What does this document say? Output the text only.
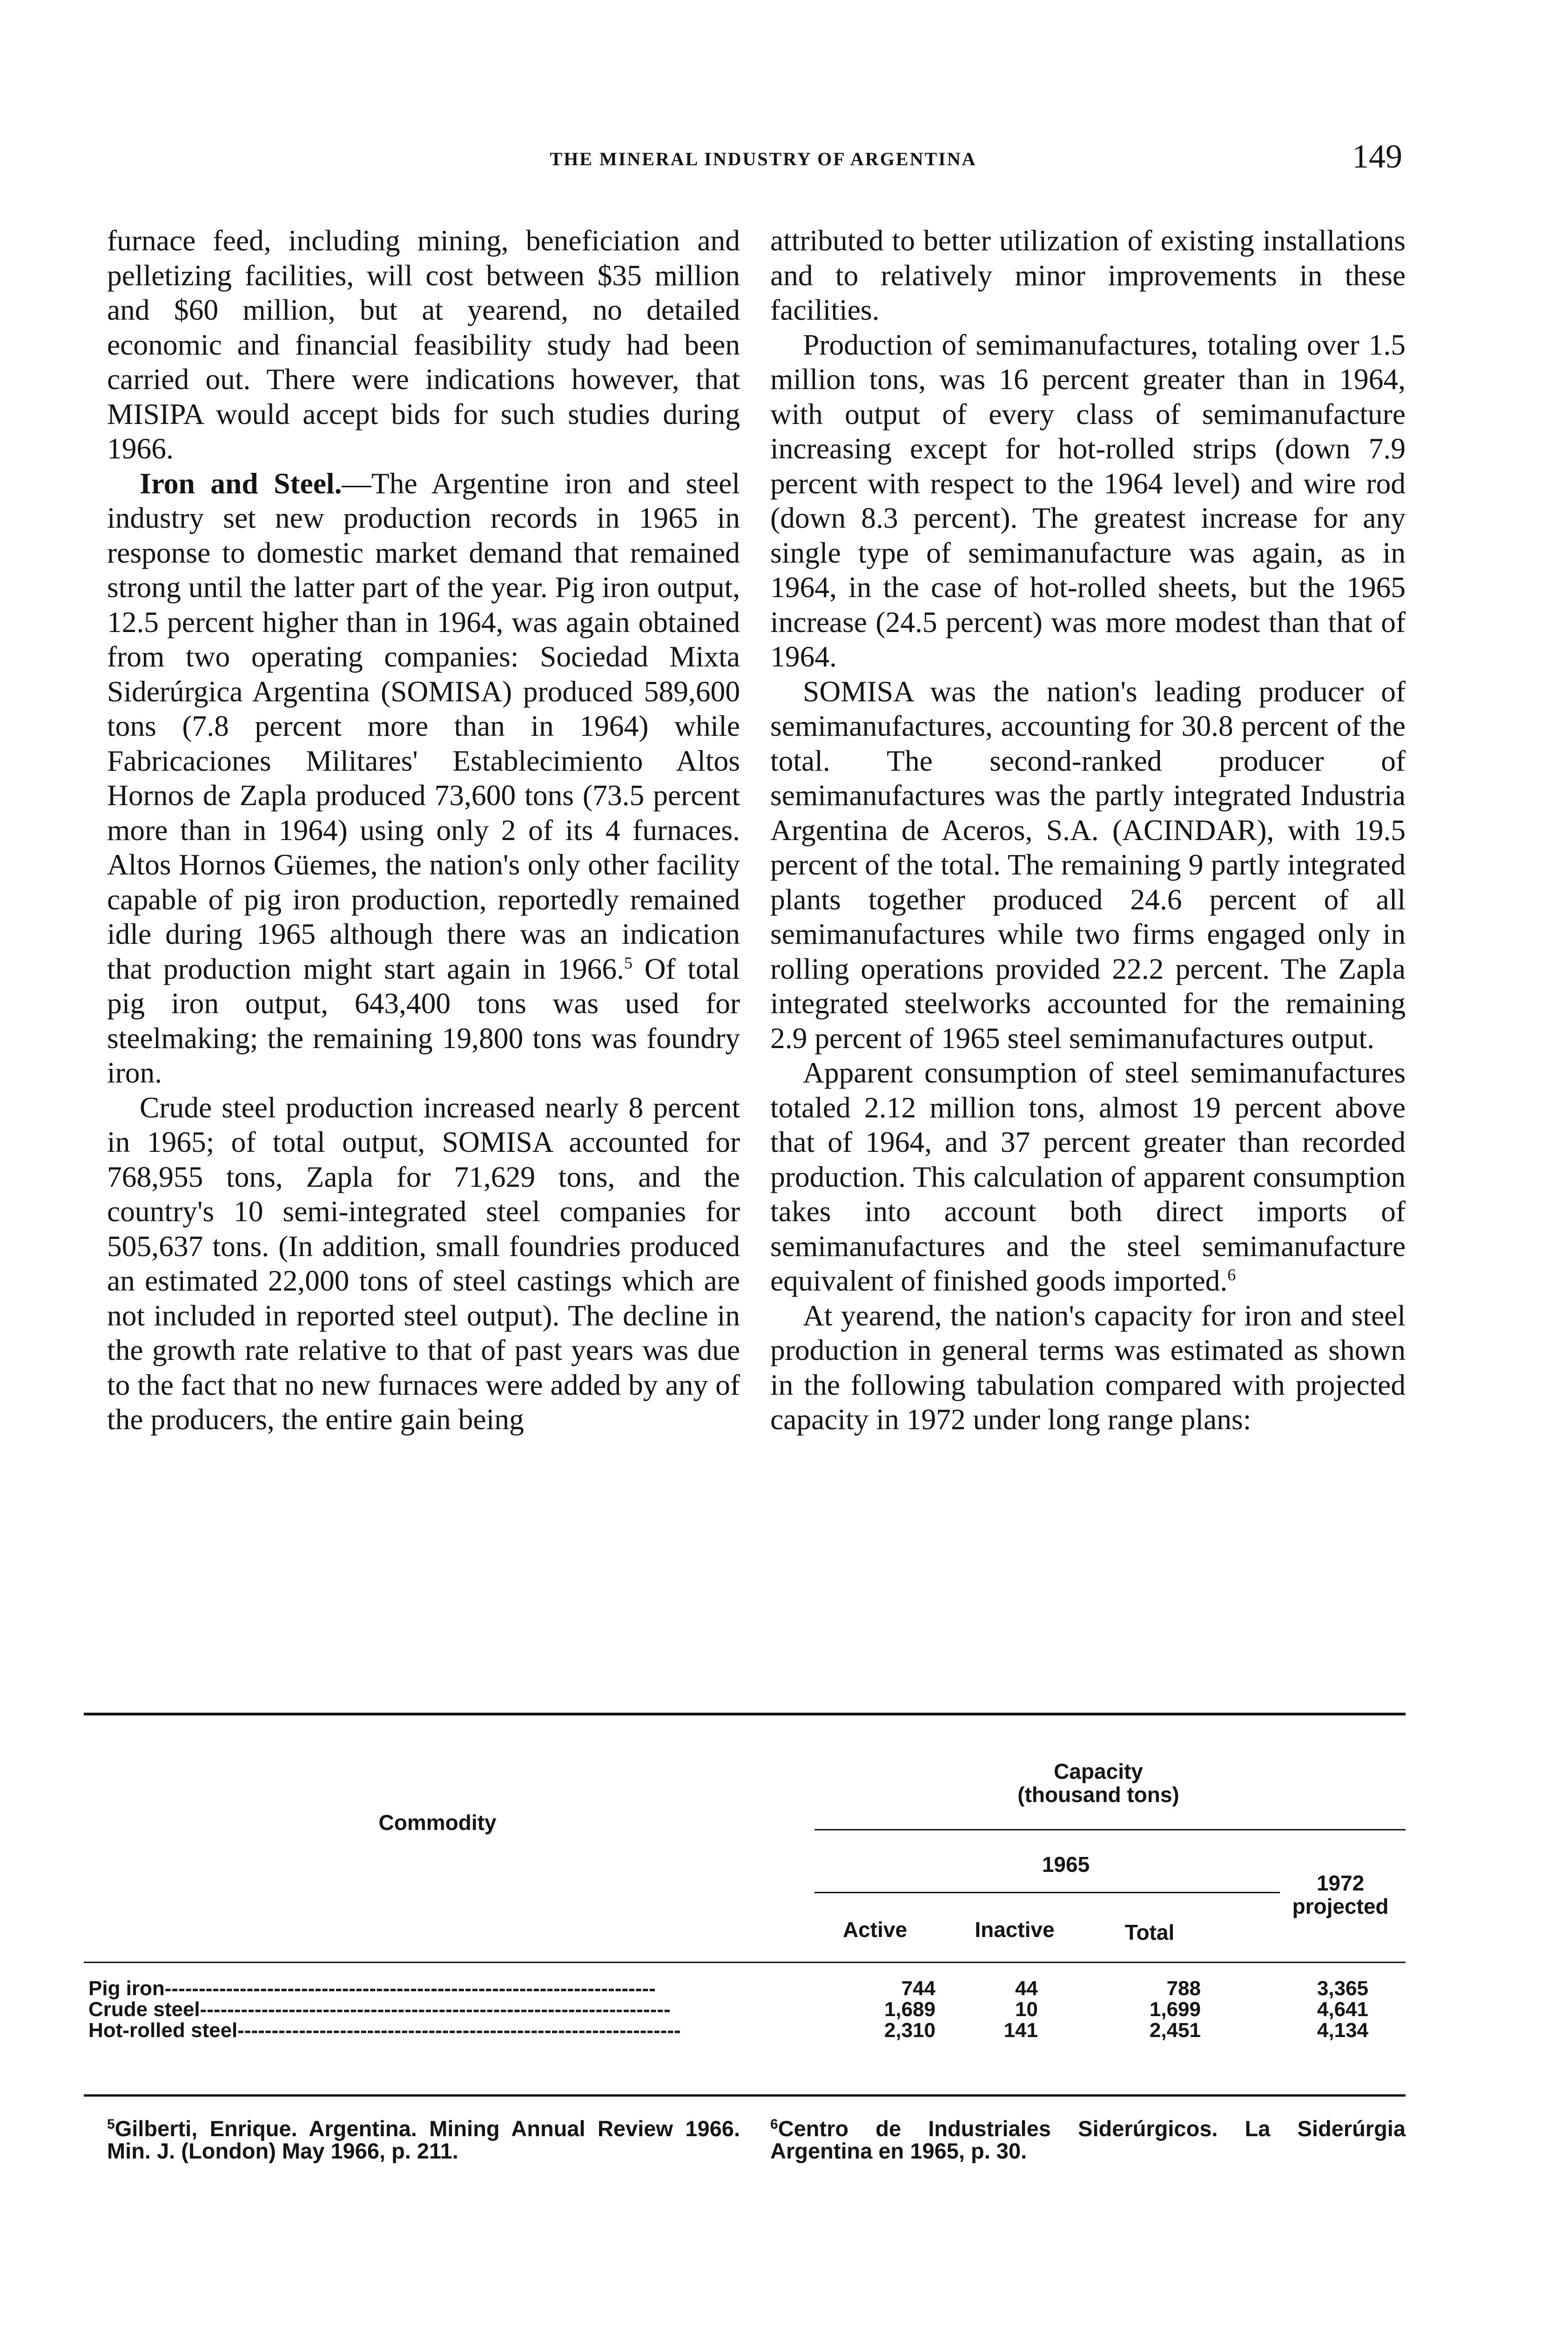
THE MINERAL INDUSTRY OF ARGENTINA	149

furnace feed, including mining, beneficiation and pelletizing facilities, will cost between $35 million and $60 million, but at yearend, no detailed economic and financial feasibility study had been carried out. There were indications however, that MISIPA would accept bids for such studies during 1966.

Iron and Steel.—The Argentine iron and steel industry set new production records in 1965 in response to domestic market demand that remained strong until the latter part of the year. Pig iron output, 12.5 percent higher than in 1964, was again obtained from two operating companies: Sociedad Mixta Siderúrgica Argentina (SOMISA) produced 589,600 tons (7.8 percent more than in 1964) while Fabricaciones Militares' Establecimiento Altos Hornos de Zapla produced 73,600 tons (73.5 percent more than in 1964) using only 2 of its 4 furnaces. Altos Hornos Güemes, the nation's only other facility capable of pig iron production, reportedly remained idle during 1965 although there was an indication that production might start again in 1966.$^5$ Of total pig iron output, 643,400 tons was used for steelmaking; the remaining 19,800 tons was foundry iron.

Crude steel production increased nearly 8 percent in 1965; of total output, SOMISA accounted for 768,955 tons, Zapla for 71,629 tons, and the country's 10 semi-integrated steel companies for 505,637 tons. (In addition, small foundries produced an estimated 22,000 tons of steel castings which are not included in reported steel output). The decline in the growth rate relative to that of past years was due to the fact that no new furnaces were added by any of the producers, the entire gain being

attributed to better utilization of existing installations and to relatively minor improvements in these facilities.

Production of semimanufactures, totaling over 1.5 million tons, was 16 percent greater than in 1964, with output of every class of semimanufacture increasing except for hot-rolled strips (down 7.9 percent with respect to the 1964 level) and wire rod (down 8.3 percent). The greatest increase for any single type of semimanufacture was again, as in 1964, in the case of hot-rolled sheets, but the 1965 increase (24.5 percent) was more modest than that of 1964.

SOMISA was the nation's leading producer of semimanufactures, accounting for 30.8 percent of the total. The second-ranked producer of semimanufactures was the partly integrated Industria Argentina de Aceros, S.A. (ACINDAR), with 19.5 percent of the total. The remaining 9 partly integrated plants together produced 24.6 percent of all semimanufactures while two firms engaged only in rolling operations provided 22.2 percent. The Zapla integrated steelworks accounted for the remaining 2.9 percent of 1965 steel semimanufactures output.

Apparent consumption of steel semimanufactures totaled 2.12 million tons, almost 19 percent above that of 1964, and 37 percent greater than recorded production. This calculation of apparent consumption takes into account both direct imports of semimanufactures and the steel semimanufacture equivalent of finished goods imported.$^6$

At yearend, the nation's capacity for iron and steel production in general terms was estimated as shown in the following tabulation compared with projected capacity in 1972 under long range plans:

Commodity
Capacity
(thousand tons)
1965
Active	Inactive	Total
1972
projected
Pig iron------------------------------------------------------------------------	744	44	788	3,365
Crude steel---------------------------------------------------------------------	1,689	10	1,699	4,641
Hot-rolled steel-----------------------------------------------------------------	2,310	141	2,451	4,134
$^5$Gilberti, Enrique. Argentina. Mining Annual Review 1966. Min. J. (London) May 1966, p. 211.
$^6$Centro de Industriales Siderúrgicos. La Siderúrgia Argentina en 1965, p. 30.
